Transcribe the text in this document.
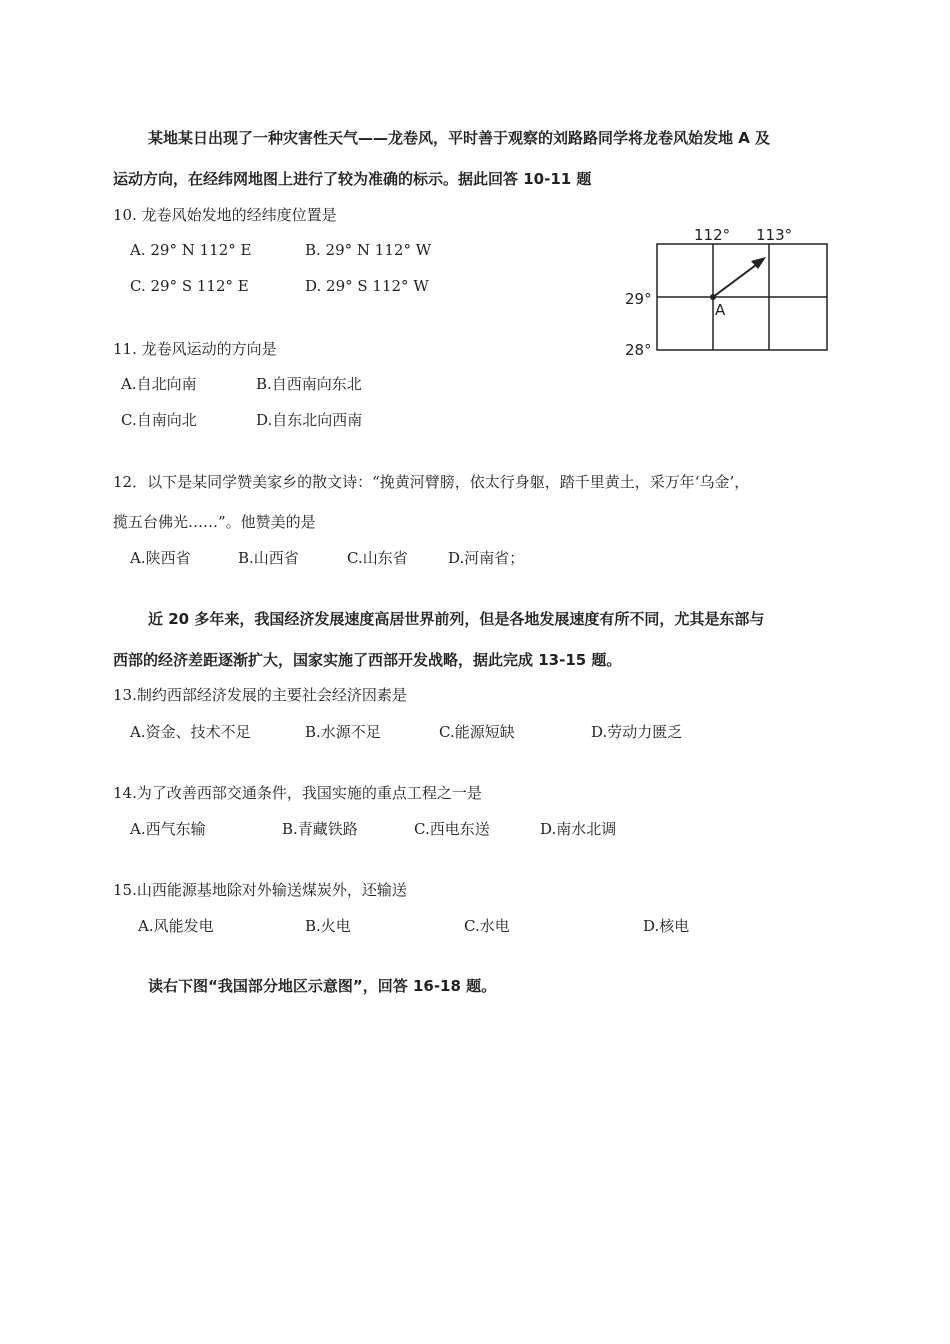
某地某日出现了一种灾害性天气——龙卷风，平时善于观察的刘路路同学将龙卷风始发地 A 及
运动方向，在经纬网地图上进行了较为准确的标示。据此回答 10-11 题
10. 龙卷风始发地的经纬度位置是
A. 29° N 112° E	B. 29° N 112° W
C. 29° S 112° E	D. 29° S 112° W
112° 113°
29°
28°
A
11. 龙卷风运动的方向是
A.自北向南	B.自西南向东北
C.自南向北	D.自东北向西南
12．以下是某同学赞美家乡的散文诗：“挽黄河臂膀，依太行身躯，踏千里黄土，采万年‘乌金’，
揽五台佛光……”。他赞美的是
A.陕西省	B.山西省	C.山东省	D.河南省；
近 20 多年来，我国经济发展速度高居世界前列，但是各地发展速度有所不同，尤其是东部与
西部的经济差距逐渐扩大，国家实施了西部开发战略，据此完成 13-15 题。
13.制约西部经济发展的主要社会经济因素是
A.资金、技术不足	B.水源不足	C.能源短缺	D.劳动力匮乏
14.为了改善西部交通条件，我国实施的重点工程之一是
A.西气东输	B.青藏铁路	C.西电东送	D.南水北调
15.山西能源基地除对外输送煤炭外，还输送
A.风能发电	B.火电	C.水电	D.核电
读右下图“我国部分地区示意图”，回答 16-18 题。
